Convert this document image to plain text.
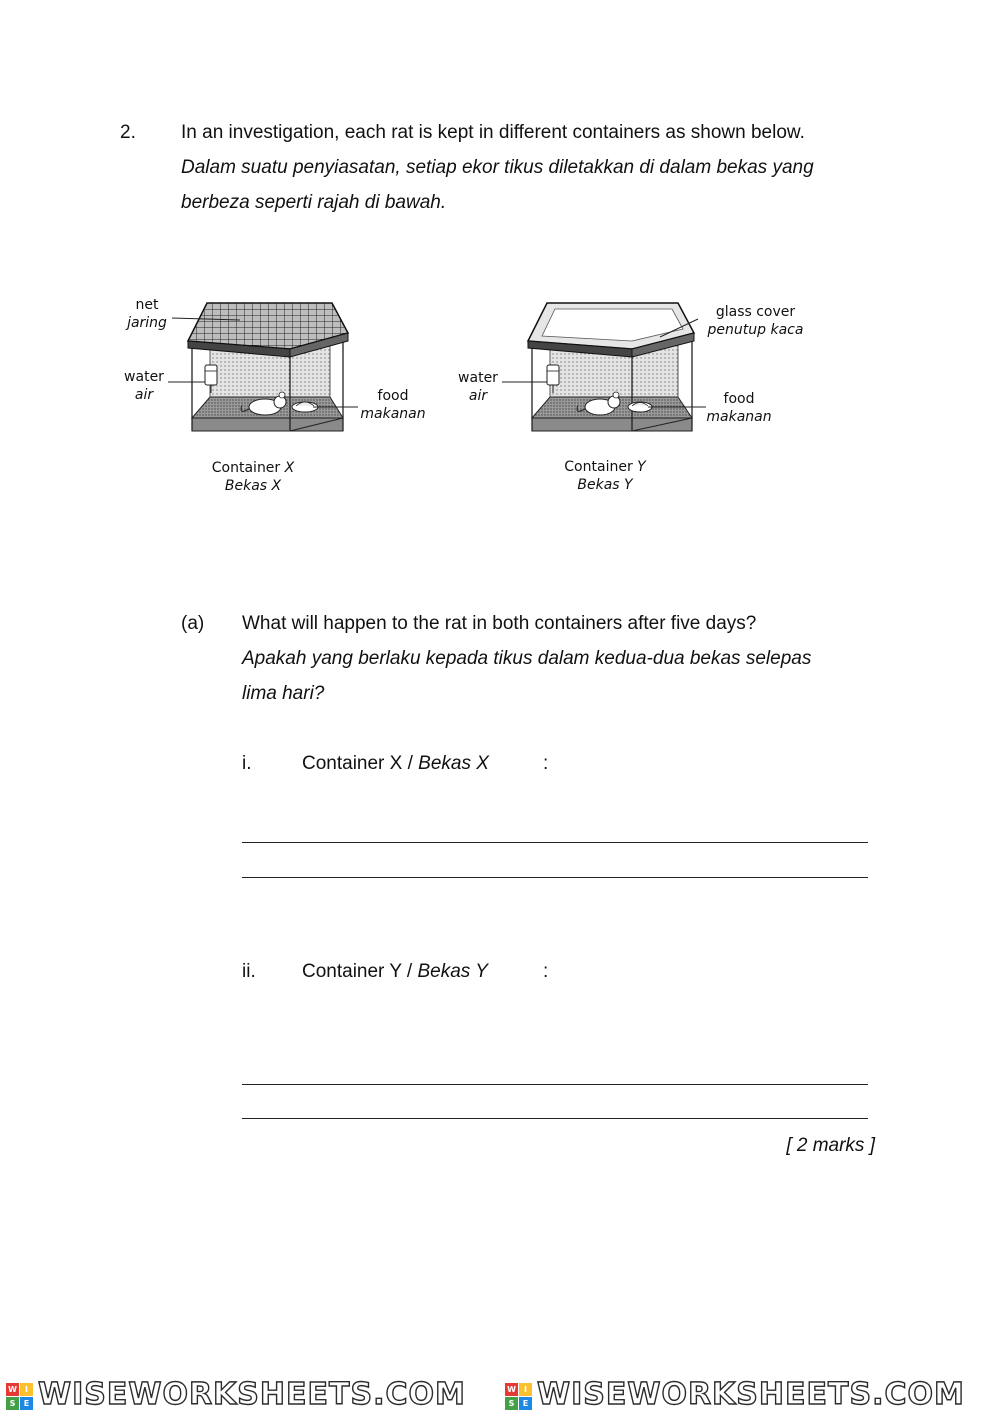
2. In an investigation, each rat is kept in different containers as shown below.
Dalam suatu penyiasatan, setiap ekor tikus diletakkan di dalam bekas yang
berbeza seperti rajah di bawah.
net
jaring
water
air	food
makanan
Container X
Bekas X
glass cover
penutup kaca
water
air	food
makanan
Container Y
Bekas Y
(a) What will happen to the rat in both containers after five days?
Apakah yang berlaku kepada tikus dalam kedua-dua bekas selepas
lima hari?
i.	Container X / Bekas X	:
ii. Container Y / Bekas Y	:
[ 2 marks ]
W	I
S	E WISEWORKSHEETS.COM	W	I
S	E WISEWORKSHEETS.COM
